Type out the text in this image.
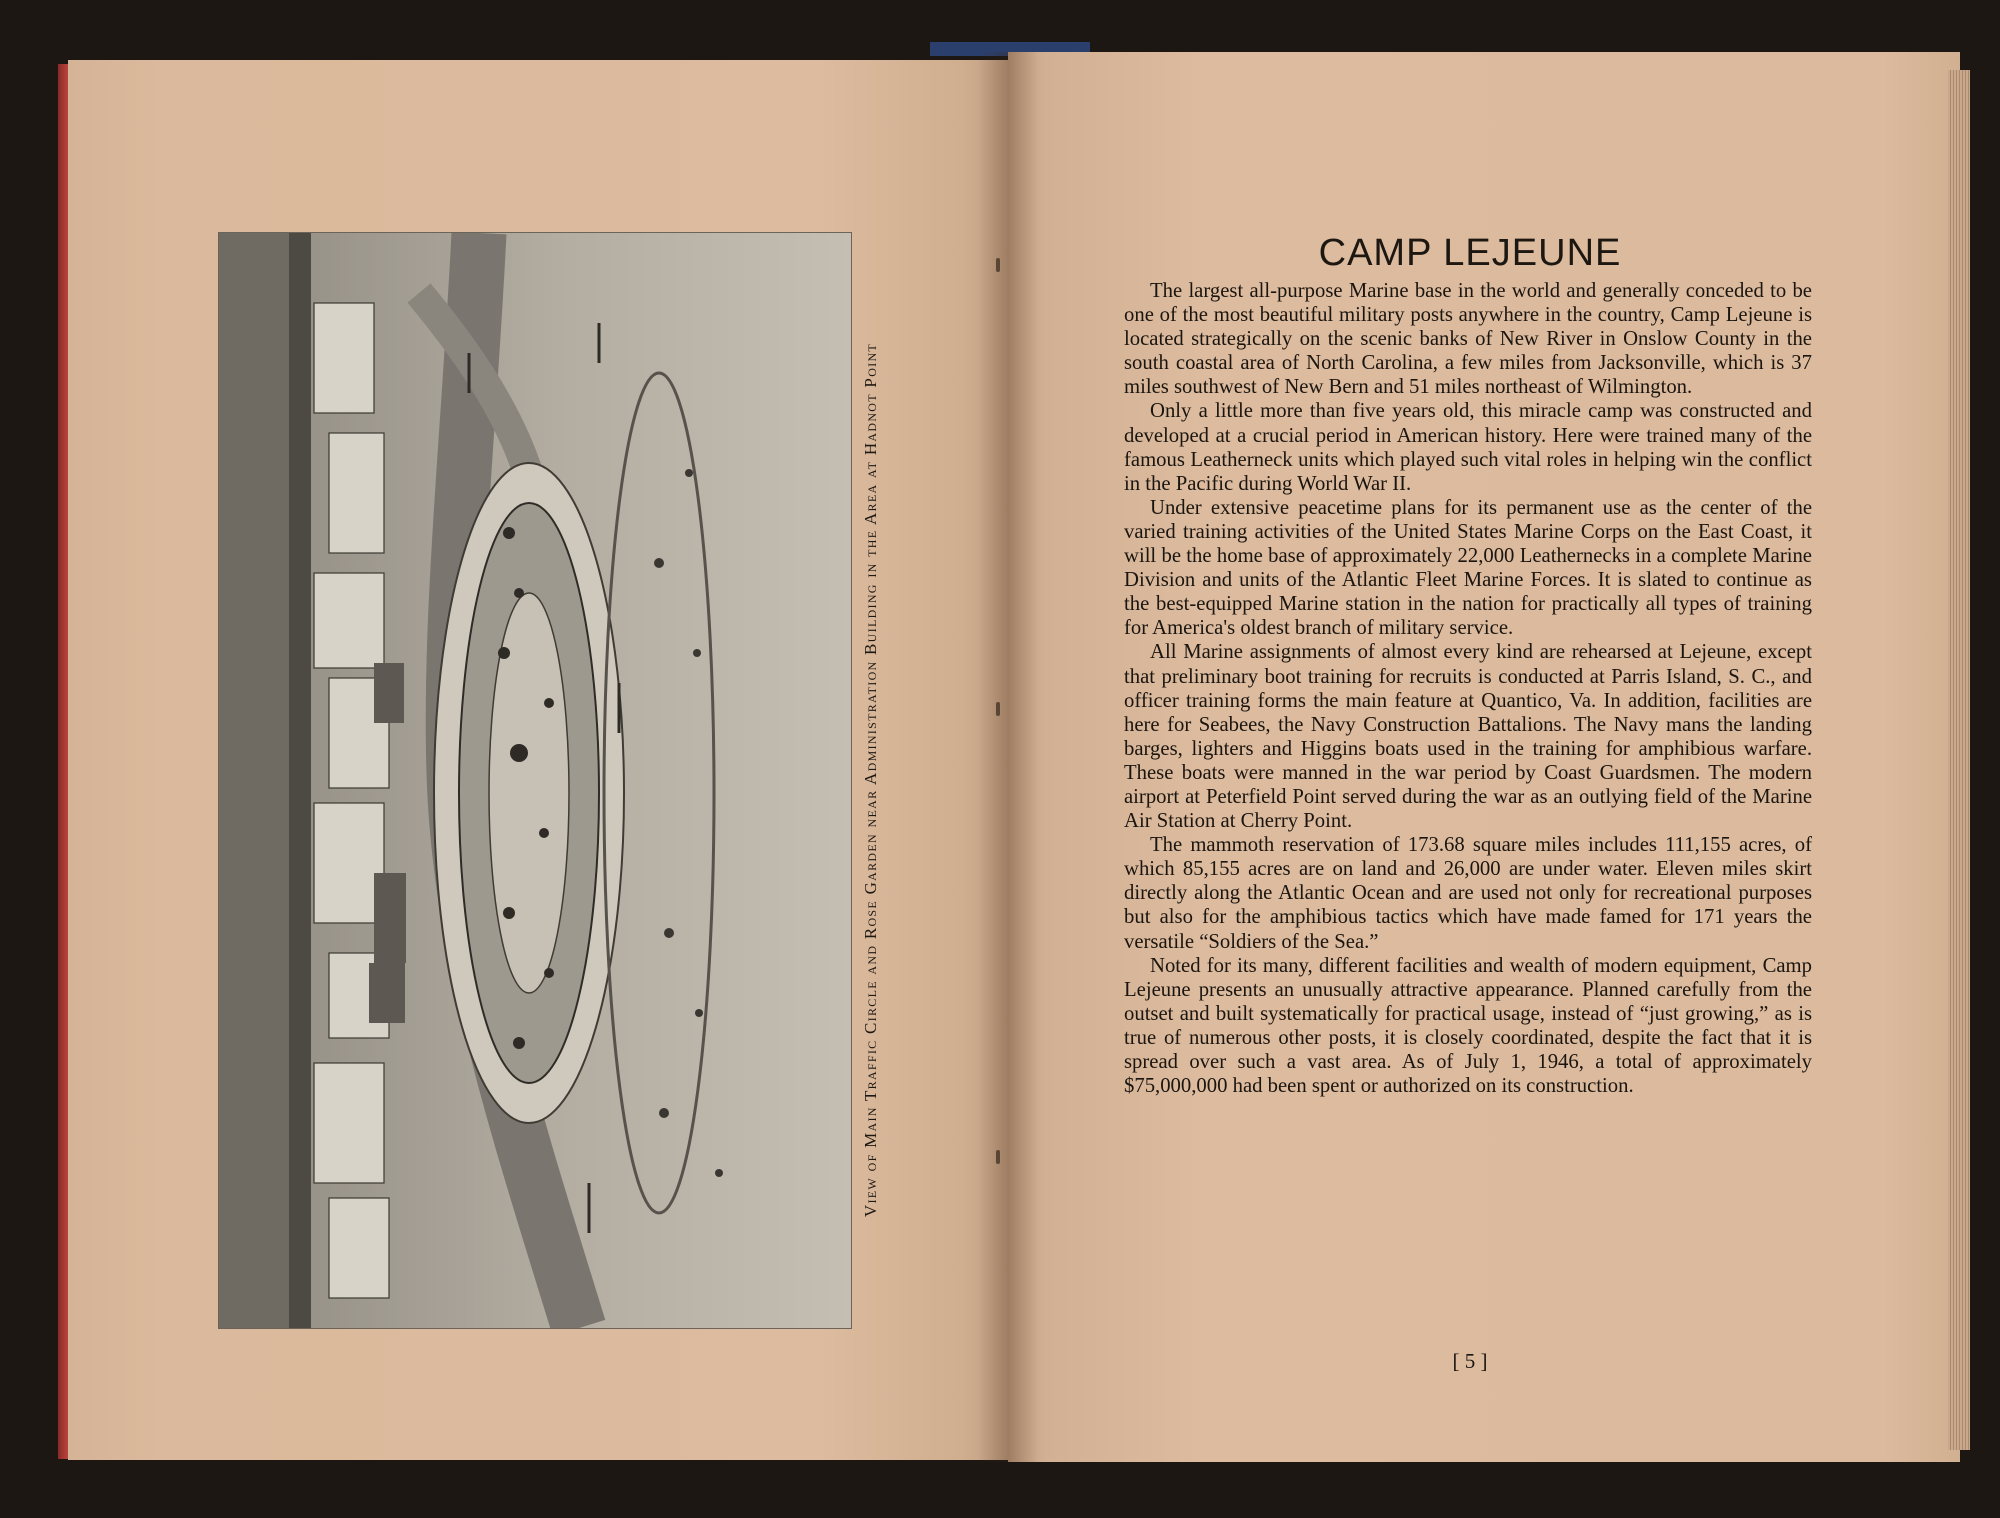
View of Main Traffic Circle and Rose Garden near Administration Building in the Area at Hadnot Point
CAMP LEJEUNE

The largest all-purpose Marine base in the world and generally conceded to be one of the most beautiful military posts anywhere in the country, Camp Lejeune is located strategically on the scenic banks of New River in Onslow County in the south coastal area of North Carolina, a few miles from Jacksonville, which is 37 miles southwest of New Bern and 51 miles northeast of Wilmington.

Only a little more than five years old, this miracle camp was constructed and developed at a crucial period in American history. Here were trained many of the famous Leatherneck units which played such vital roles in helping win the conflict in the Pacific during World War II.

Under extensive peacetime plans for its permanent use as the center of the varied training activities of the United States Marine Corps on the East Coast, it will be the home base of approximately 22,000 Leathernecks in a complete Marine Division and units of the Atlantic Fleet Marine Forces. It is slated to continue as the best-equipped Marine station in the nation for practically all types of training for America's oldest branch of military service.

All Marine assignments of almost every kind are rehearsed at Lejeune, except that preliminary boot training for recruits is conducted at Parris Island, S. C., and officer training forms the main feature at Quantico, Va. In addition, facilities are here for Seabees, the Navy Construction Battalions. The Navy mans the landing barges, lighters and Higgins boats used in the training for amphibious warfare. These boats were manned in the war period by Coast Guardsmen. The modern airport at Peterfield Point served during the war as an outlying field of the Marine Air Station at Cherry Point.

The mammoth reservation of 173.68 square miles includes 111,155 acres, of which 85,155 acres are on land and 26,000 are under water. Eleven miles skirt directly along the Atlantic Ocean and are used not only for recreational purposes but also for the amphibious tactics which have made famed for 171 years the versatile “Soldiers of the Sea.”

Noted for its many, different facilities and wealth of modern equipment, Camp Lejeune presents an unusually attractive appearance. Planned carefully from the outset and built systematically for practical usage, instead of “just growing,” as is true of numerous other posts, it is closely coordinated, despite the fact that it is spread over such a vast area. As of July 1, 1946, a total of approximately $75,000,000 had been spent or authorized on its construction.

[ 5 ]
